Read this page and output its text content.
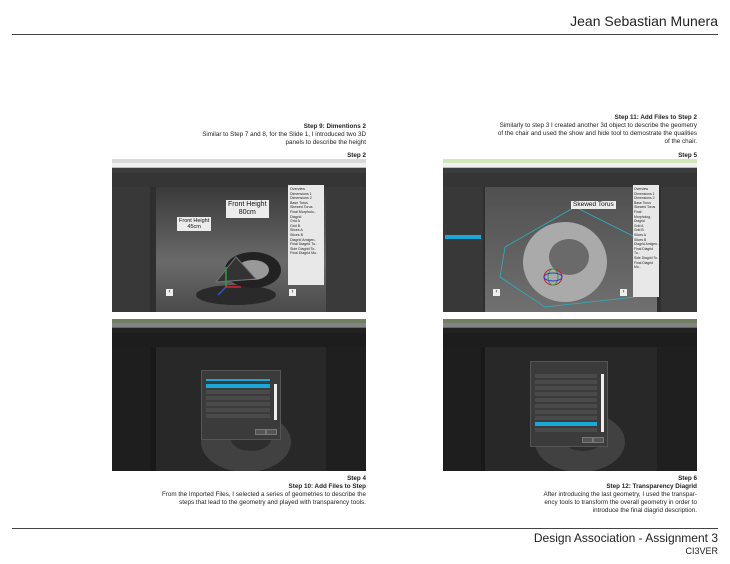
Jean Sebastian Munera
Step 9: Dimentions 2
Similar to Step 7 and 8, for the Slide 1, I introduced two 3D
panels to describe the height
Step 2
Step 11: Add Files to Step 2
Similarly to step 3 I created another 3d object to describe the geometry
of the chair and used the show and hide tool to demostrate the qualities
of the chair.
Step 5
Front Height
80cm
Front Height
45cm
‹	›
Overview
Dimensions 1
Dimensions 2
Base Torus
Skewed Torus
Final Morpholo..
Diagrid
Grid A
Grid B
Slices A
Slices B
Diagrid Amigen..
Final Diagrid Tu..
Side Diagrid To..
Final Diagrid Mo..
Skewed Torus
‹	›
Overview
Dimensions 1
Dimensions 2
Base Torus
Skewed Torus
Final Morpholog..
Diagrid
Grid A
Grid B
Slices A
Slices B
Diagrid Amigen..
Final Diagrid Tu..
Side Diagrid To..
Final Diagrid Mo..
Step 4
Step 10: Add Files to Step
From the Imported Files, I selected a series of geometries to describe the
steps that lead to the geometry and played with transparency tools.
Step 6
Step 12: Transparency Diagrid
After introducing the last geometry, I used the transpar-
ency tools to transform the overall geometry in order to
introduce the final diagrid description.
Design Association - Assignment 3
CI3VER
